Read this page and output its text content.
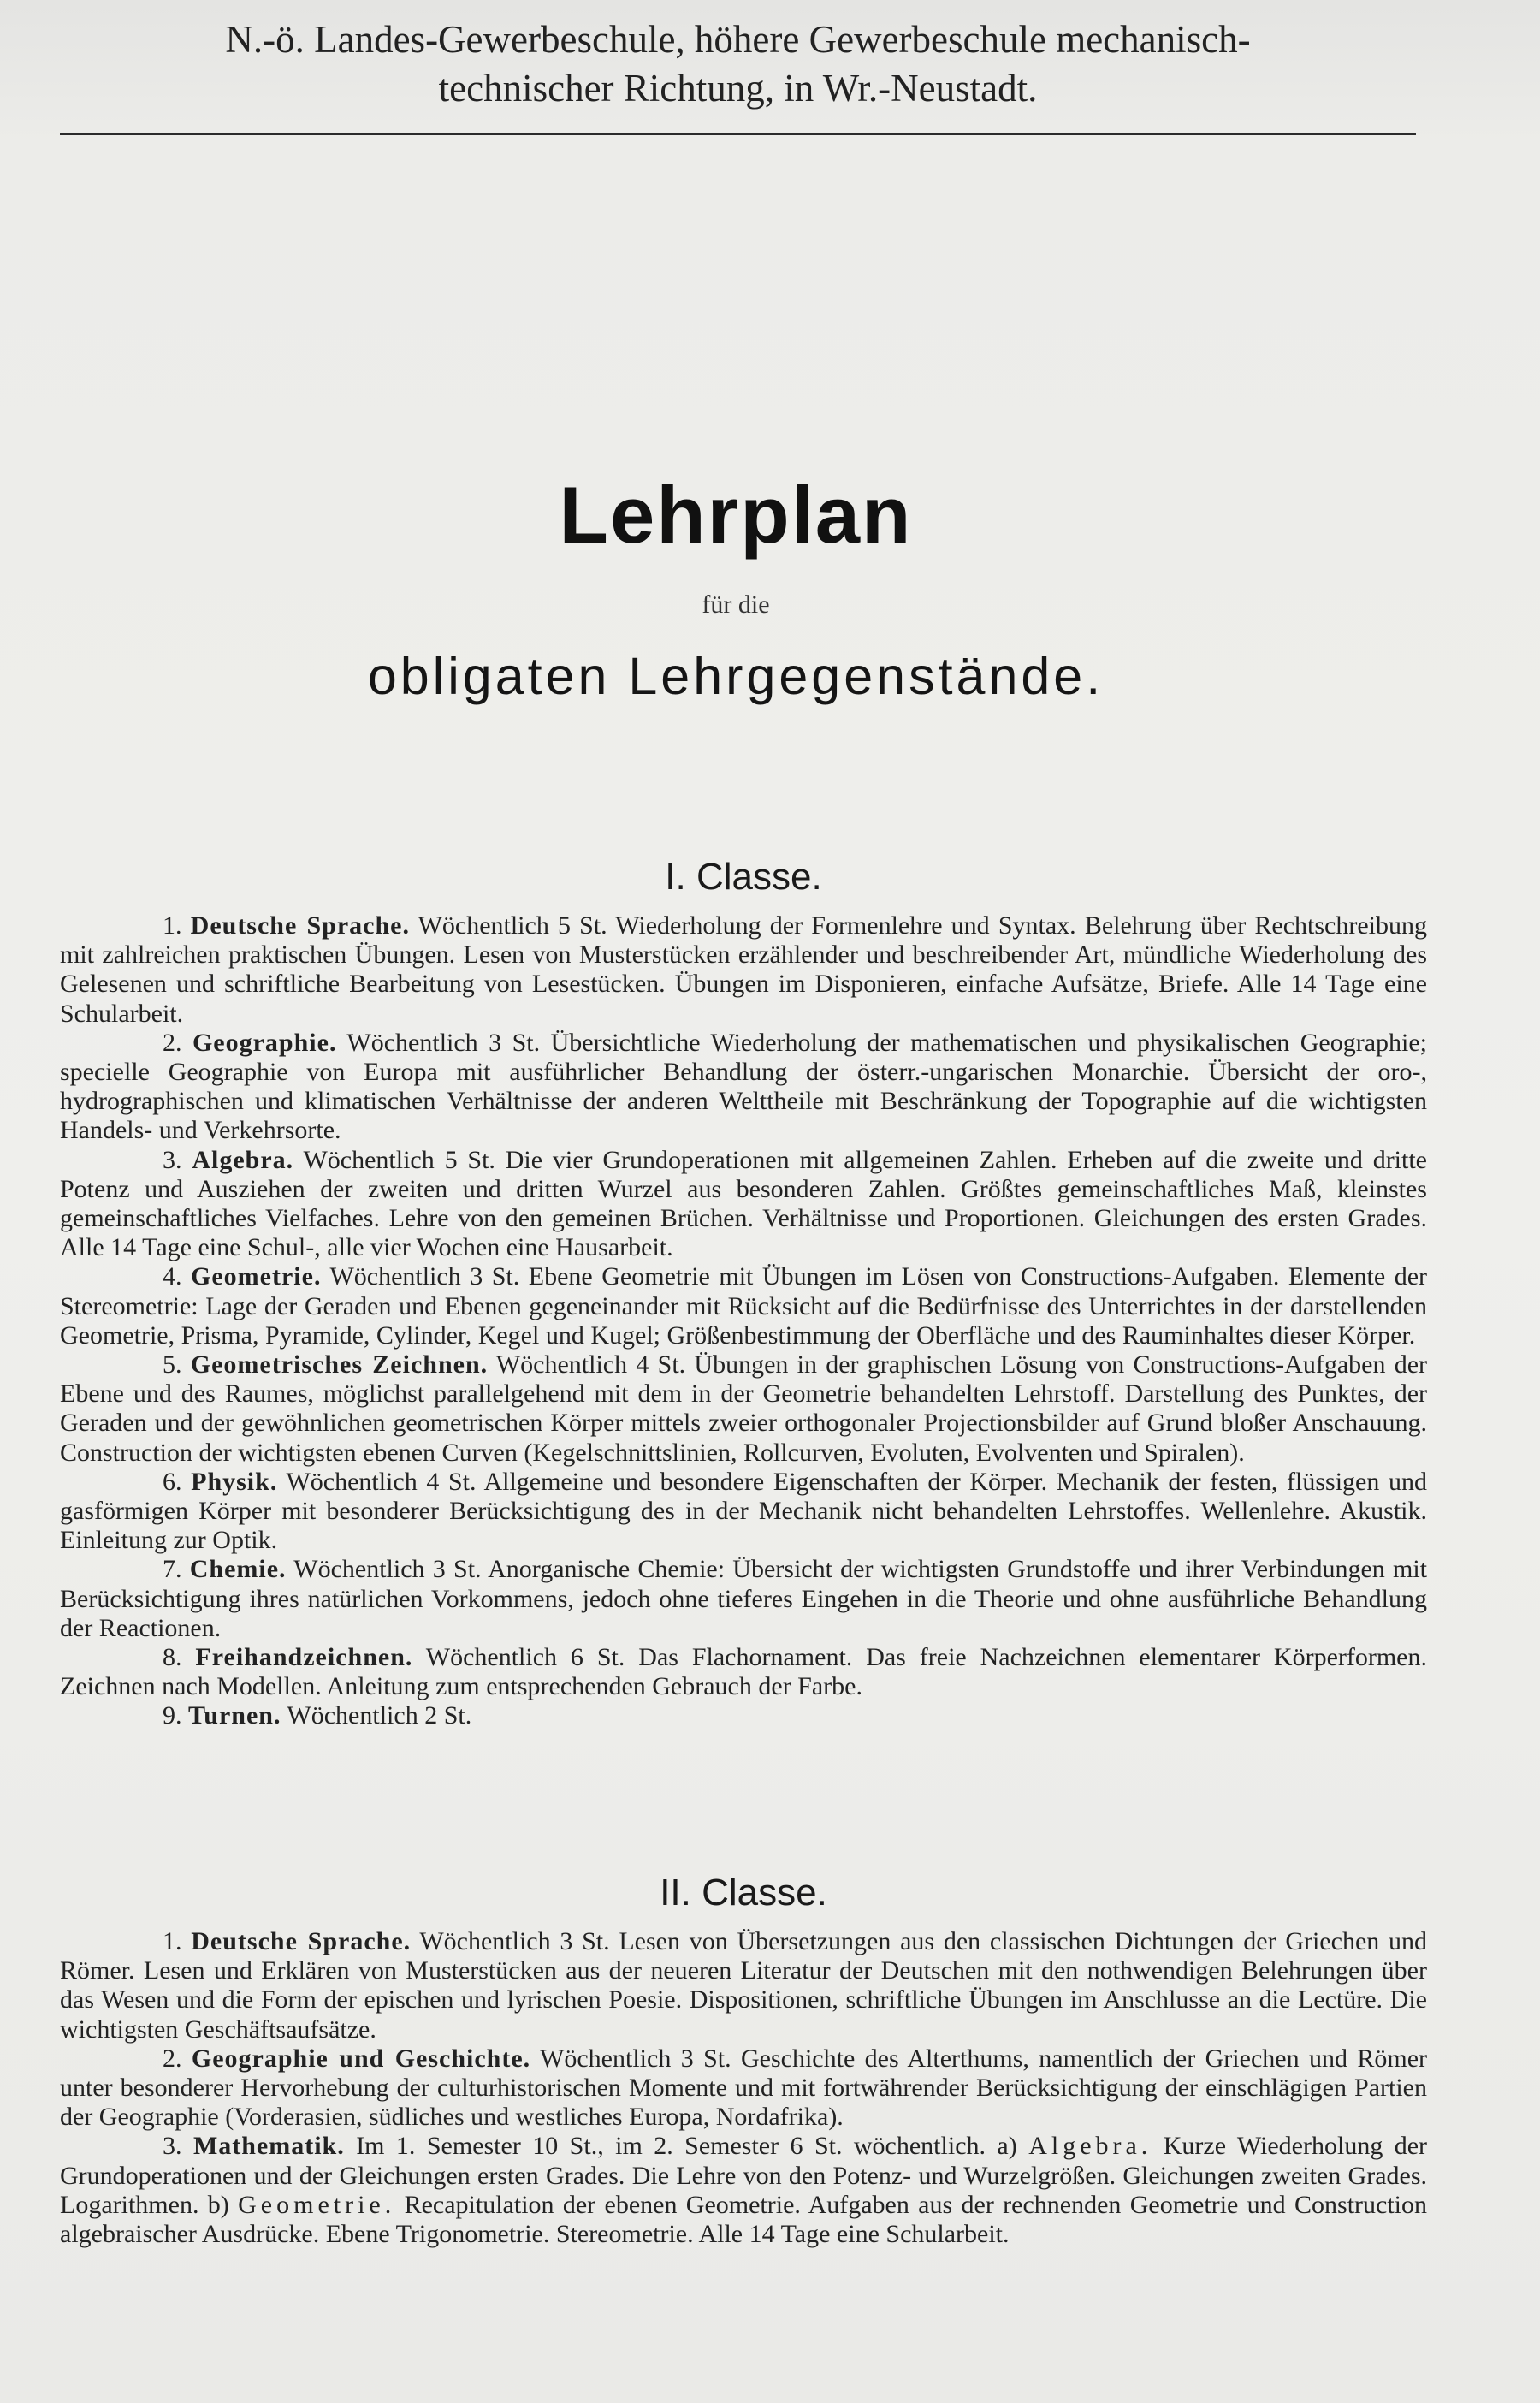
N.-ö. Landes-Gewerbeschule, höhere Gewerbeschule mechanisch-
technischer Richtung, in Wr.-Neustadt.
Lehrplan
für die
obligaten Lehrgegenstände.
I. Classe.

1. Deutsche Sprache. Wöchentlich 5 St. Wiederholung der Formenlehre und Syntax. Belehrung über Rechtschreibung mit zahlreichen praktischen Übungen. Lesen von Musterstücken erzählender und beschreibender Art, mündliche Wiederholung des Gelesenen und schriftliche Bearbeitung von Lesestücken. Übungen im Disponieren, einfache Aufsätze, Briefe. Alle 14 Tage eine Schularbeit.

2. Geographie. Wöchentlich 3 St. Übersichtliche Wiederholung der mathematischen und physikalischen Geographie; specielle Geographie von Europa mit ausführlicher Behandlung der österr.-ungarischen Monarchie. Übersicht der oro-, hydrographischen und klimatischen Verhältnisse der anderen Welttheile mit Beschränkung der Topographie auf die wichtigsten Handels- und Verkehrsorte.

3. Algebra. Wöchentlich 5 St. Die vier Grundoperationen mit allgemeinen Zahlen. Erheben auf die zweite und dritte Potenz und Ausziehen der zweiten und dritten Wurzel aus besonderen Zahlen. Größtes gemeinschaftliches Maß, kleinstes gemeinschaftliches Vielfaches. Lehre von den gemeinen Brüchen. Verhältnisse und Proportionen. Gleichungen des ersten Grades. Alle 14 Tage eine Schul-, alle vier Wochen eine Hausarbeit.

4. Geometrie. Wöchentlich 3 St. Ebene Geometrie mit Übungen im Lösen von Constructions-Aufgaben. Elemente der Stereometrie: Lage der Geraden und Ebenen gegeneinander mit Rücksicht auf die Bedürfnisse des Unterrichtes in der darstellenden Geometrie, Prisma, Pyramide, Cylinder, Kegel und Kugel; Größenbestimmung der Oberfläche und des Rauminhaltes dieser Körper.

5. Geometrisches Zeichnen. Wöchentlich 4 St. Übungen in der graphischen Lösung von Constructions-Aufgaben der Ebene und des Raumes, möglichst parallelgehend mit dem in der Geometrie behandelten Lehrstoff. Darstellung des Punktes, der Geraden und der gewöhnlichen geometrischen Körper mittels zweier orthogonaler Projectionsbilder auf Grund bloßer Anschauung. Construction der wichtigsten ebenen Curven (Kegelschnittslinien, Rollcurven, Evoluten, Evolventen und Spiralen).

6. Physik. Wöchentlich 4 St. Allgemeine und besondere Eigenschaften der Körper. Mechanik der festen, flüssigen und gasförmigen Körper mit besonderer Berücksichtigung des in der Mechanik nicht behandelten Lehrstoffes. Wellenlehre. Akustik. Einleitung zur Optik.

7. Chemie. Wöchentlich 3 St. Anorganische Chemie: Übersicht der wichtigsten Grundstoffe und ihrer Verbindungen mit Berücksichtigung ihres natürlichen Vorkommens, jedoch ohne tieferes Eingehen in die Theorie und ohne ausführliche Behandlung der Reactionen.

8. Freihandzeichnen. Wöchentlich 6 St. Das Flachornament. Das freie Nachzeichnen elementarer Körperformen. Zeichnen nach Modellen. Anleitung zum entsprechenden Gebrauch der Farbe.

9. Turnen. Wöchentlich 2 St.

II. Classe.

1. Deutsche Sprache. Wöchentlich 3 St. Lesen von Übersetzungen aus den classischen Dichtungen der Griechen und Römer. Lesen und Erklären von Musterstücken aus der neueren Literatur der Deutschen mit den nothwendigen Belehrungen über das Wesen und die Form der epischen und lyrischen Poesie. Dispositionen, schriftliche Übungen im Anschlusse an die Lectüre. Die wichtigsten Geschäftsaufsätze.

2. Geographie und Geschichte. Wöchentlich 3 St. Geschichte des Alterthums, namentlich der Griechen und Römer unter besonderer Hervorhebung der culturhistorischen Momente und mit fortwährender Berücksichtigung der einschlägigen Partien der Geographie (Vorderasien, südliches und westliches Europa, Nordafrika).

3. Mathematik. Im 1. Semester 10 St., im 2. Semester 6 St. wöchentlich. a) Algebra. Kurze Wiederholung der Grundoperationen und der Gleichungen ersten Grades. Die Lehre von den Potenz- und Wurzelgrößen. Gleichungen zweiten Grades. Logarithmen. b) Geometrie. Recapitulation der ebenen Geometrie. Aufgaben aus der rechnenden Geometrie und Construction algebraischer Ausdrücke. Ebene Trigonometrie. Stereometrie. Alle 14 Tage eine Schularbeit.
